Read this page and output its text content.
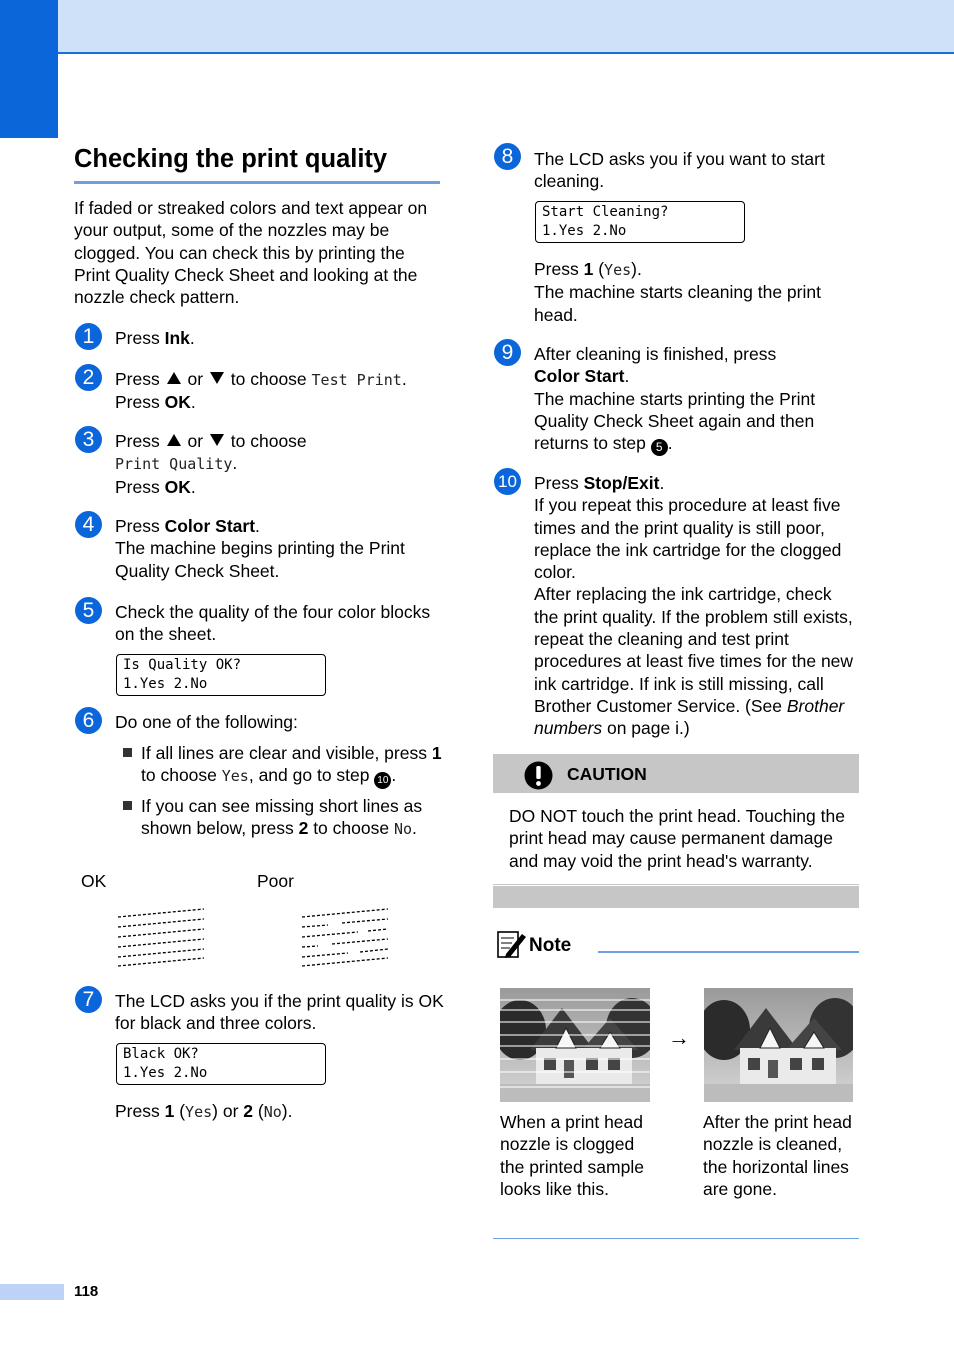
Checking the print quality

If faded or streaked colors and text appear on your output, some of the nozzles may be clogged. You can check this by printing the Print Quality Check Sheet and looking at the nozzle check pattern.

1	Press Ink.

2	Press  or  to choose Test Print.
Press OK.

3	Press  or  to choose
Print Quality.
Press OK.

4	Press Color Start.
The machine begins printing the Print Quality Check Sheet.

5	Check the quality of the four color blocks on the sheet.

Is Quality OK?
1.Yes 2.No
6	Do one of the following:

If all lines are clear and visible, press 1 to choose Yes, and go to step 10 .

If you can see missing short lines as shown below, press 2 to choose No.

OK	Poor

7	The LCD asks you if the print quality is OK for black and three colors.

Black OK?
1.Yes 2.No

Press 1 (Yes) or 2 (No).

8	The LCD asks you if you want to start cleaning.

Start Cleaning?
1.Yes 2.No

Press 1 (Yes).
The machine starts cleaning the print head.

9	After cleaning is finished, press
Color Start.
The machine starts printing the Print Quality Check Sheet again and then returns to step 5 .

10 Press Stop/Exit.
If you repeat this procedure at least five times and the print quality is still poor, replace the ink cartridge for the clogged color.
After replacing the ink cartridge, check the print quality. If the problem still exists, repeat the cleaning and test print procedures at least five times for the new ink cartridge. If ink is still missing, call Brother Customer Service. (See Brother numbers on page i.)

CAUTION

DO NOT touch the print head. Touching the print head may cause permanent damage and may void the print head's warranty.

Note

→

When a print head nozzle is clogged the printed sample looks like this.

After the print head nozzle is cleaned, the horizontal lines are gone.

118
